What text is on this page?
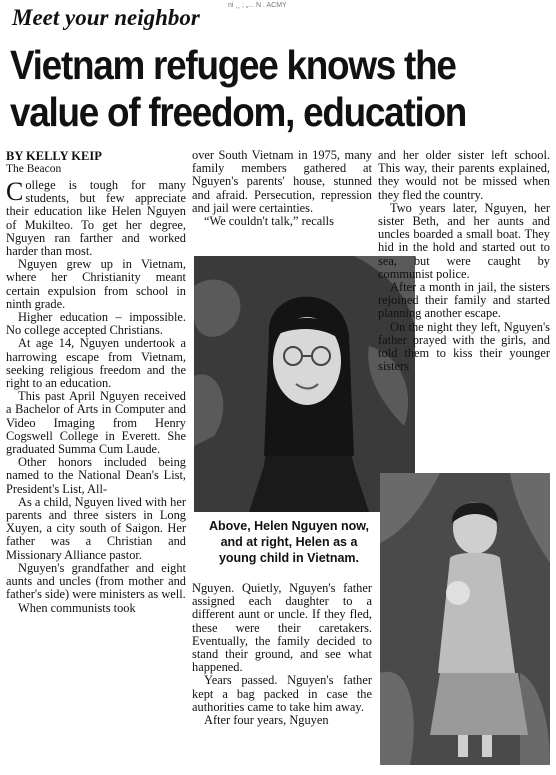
Meet your neighbor	ni ¸¸ ; „... N . ACMY
Vietnam refugee knows the
value of freedom, education
BY KELLY KEIP
The Beacon

College is tough for many students, but few appreciate their education like Helen Nguyen of Mukilteo. To get her degree, Nguyen ran farther and worked harder than most.

Nguyen grew up in Vietnam, where her Christianity meant certain expulsion from school in ninth grade.

Higher education – impossible. No college accepted Christians.

At age 14, Nguyen undertook a harrowing escape from Vietnam, seeking religious freedom and the right to an education.

This past April Nguyen received a Bachelor of Arts in Computer and Video Imaging from Henry Cogswell College in Everett. She graduated Summa Cum Laude.

Other honors included being named to the National Dean's List, President's List, All-

As a child, Nguyen lived with her parents and three sisters in Long Xuyen, a city south of Saigon. Her father was a Christian and Missionary Alliance pastor.

Nguyen's grandfather and eight aunts and uncles (from mother and father's side) were ministers as well.

When communists took

over South Vietnam in 1975, many family members gathered at Nguyen's parents' house, stunned and afraid. Persecution, repression and jail were certainties.

“We couldn't talk,” recalls

Above, Helen Nguyen now, and at right, Helen as a young child in Vietnam.

Nguyen. Quietly, Nguyen's father assigned each daughter to a different aunt or uncle. If they fled, these were their caretakers. Eventually, the family decided to stand their ground, and see what happened.

Years passed. Nguyen's father kept a bag packed in case the authorities came to take him away.

After four years, Nguyen

and her older sister left school. This way, their parents explained, they would not be missed when they fled the country.

Two years later, Nguyen, her sister Beth, and her aunts and uncles boarded a small boat. They hid in the hold and started out to sea, but were caught by communist police.

After a month in jail, the sisters rejoined their family and started planning another escape.

On the night they left, Nguyen's father prayed with the girls, and told them to kiss their younger sisters
